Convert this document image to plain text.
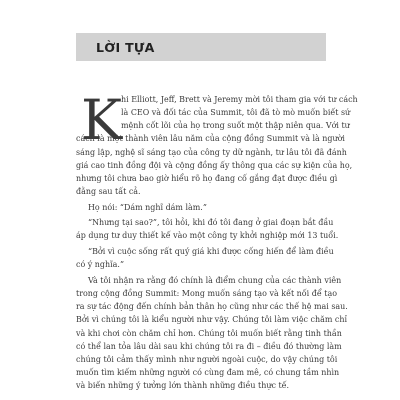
LỜI TỰA
K
hi Elliott, Jeff, Brett và Jeremy mời tôi tham gia với tư cách
là CEO và đối tác của Summit, tôi đã tò mò muốn biết sứ
mệnh cốt lõi của họ trong suốt một thập niên qua. Với tư
cách là một thành viên lâu năm của cộng đồng Summit và là người
sáng lập, nghệ sĩ sáng tạo của công ty dữ ngành, tư lâu tôi đã đánh
giá cao tinh đồng đội và cộng đồng ấy thông qua các sự kiện của họ,
nhưng tôi chưa bao giờ hiểu rõ họ đang cố gắng đạt được điều gì
đằng sau tất cả.
Họ nói: “Dám nghĩ dám làm.”
“Nhưng tại sao?”, tôi hỏi, khi đó tôi đang ở giai đoạn bắt đầu
áp dụng tư duy thiết kế vào một công ty khởi nghiệp mới 13 tuổi.
“Bởi vì cuộc sống rất quý giá khi được cống hiến để làm điều
có ý nghĩa.”
Và tôi nhận ra rằng đó chính là điểm chung của các thành viên
trong cộng đồng Summit: Mong muốn sáng tạo và kết nối để tạo
ra sự tác động đến chính bản thân họ cũng như các thế hệ mai sau.
Bởi vì chúng tôi là kiểu người như vậy. Chúng tôi làm việc chăm chỉ
và khi chơi còn chăm chỉ hơn. Chúng tôi muốn biết rằng tinh thần
có thể lan tỏa lâu dài sau khi chúng tôi ra đi – điều đó thường làm
chúng tôi cảm thấy mình như người ngoài cuộc, do vậy chúng tôi
muốn tìm kiếm những người có cùng đam mê, có chung tầm nhìn
và biến những ý tưởng lớn thành những điều thực tế.
